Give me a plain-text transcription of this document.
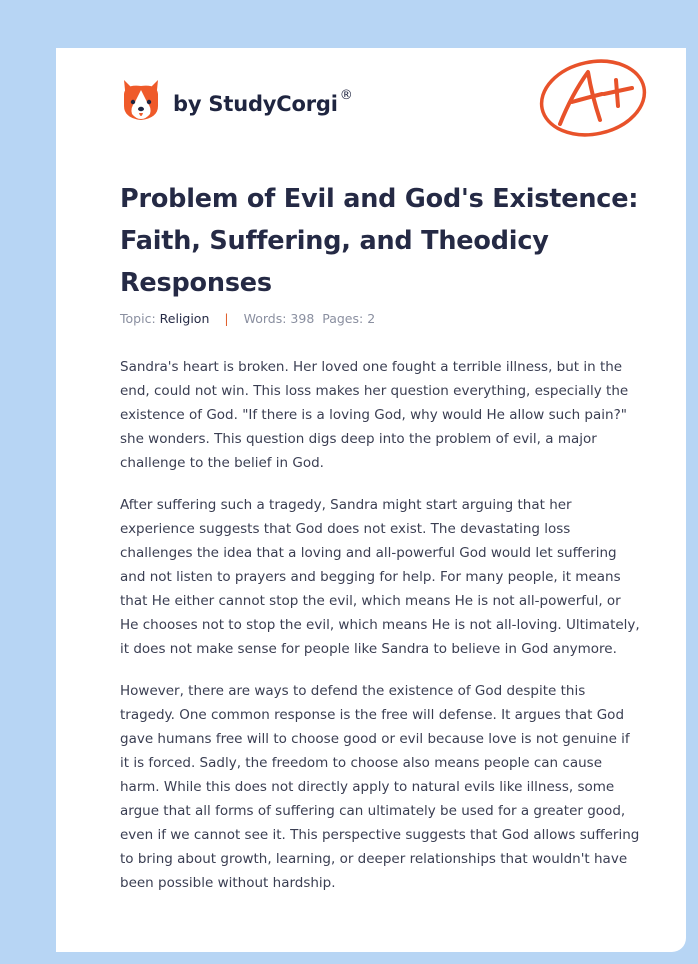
by StudyCorgi ®
Problem of Evil and God's Existence: Faith, Suffering, and Theodicy Responses
Topic: Religion | Words: 398 Pages: 2

Sandra's heart is broken. Her loved one fought a terrible illness, but in the end, could not win. This loss makes her question everything, especially the existence of God. "If there is a loving God, why would He allow such pain?" she wonders. This question digs deep into the problem of evil, a major challenge to the belief in God.

After suffering such a tragedy, Sandra might start arguing that her experience suggests that God does not exist. The devastating loss challenges the idea that a loving and all-powerful God would let suffering and not listen to prayers and begging for help. For many people, it means that He either cannot stop the evil, which means He is not all-powerful, or He chooses not to stop the evil, which means He is not all-loving. Ultimately, it does not make sense for people like Sandra to believe in God anymore.

However, there are ways to defend the existence of God despite this tragedy. One common response is the free will defense. It argues that God gave humans free will to choose good or evil because love is not genuine if it is forced. Sadly, the freedom to choose also means people can cause harm. While this does not directly apply to natural evils like illness, some argue that all forms of suffering can ultimately be used for a greater good, even if we cannot see it. This perspective suggests that God allows suffering to bring about growth, learning, or deeper relationships that wouldn't have been possible without hardship.
